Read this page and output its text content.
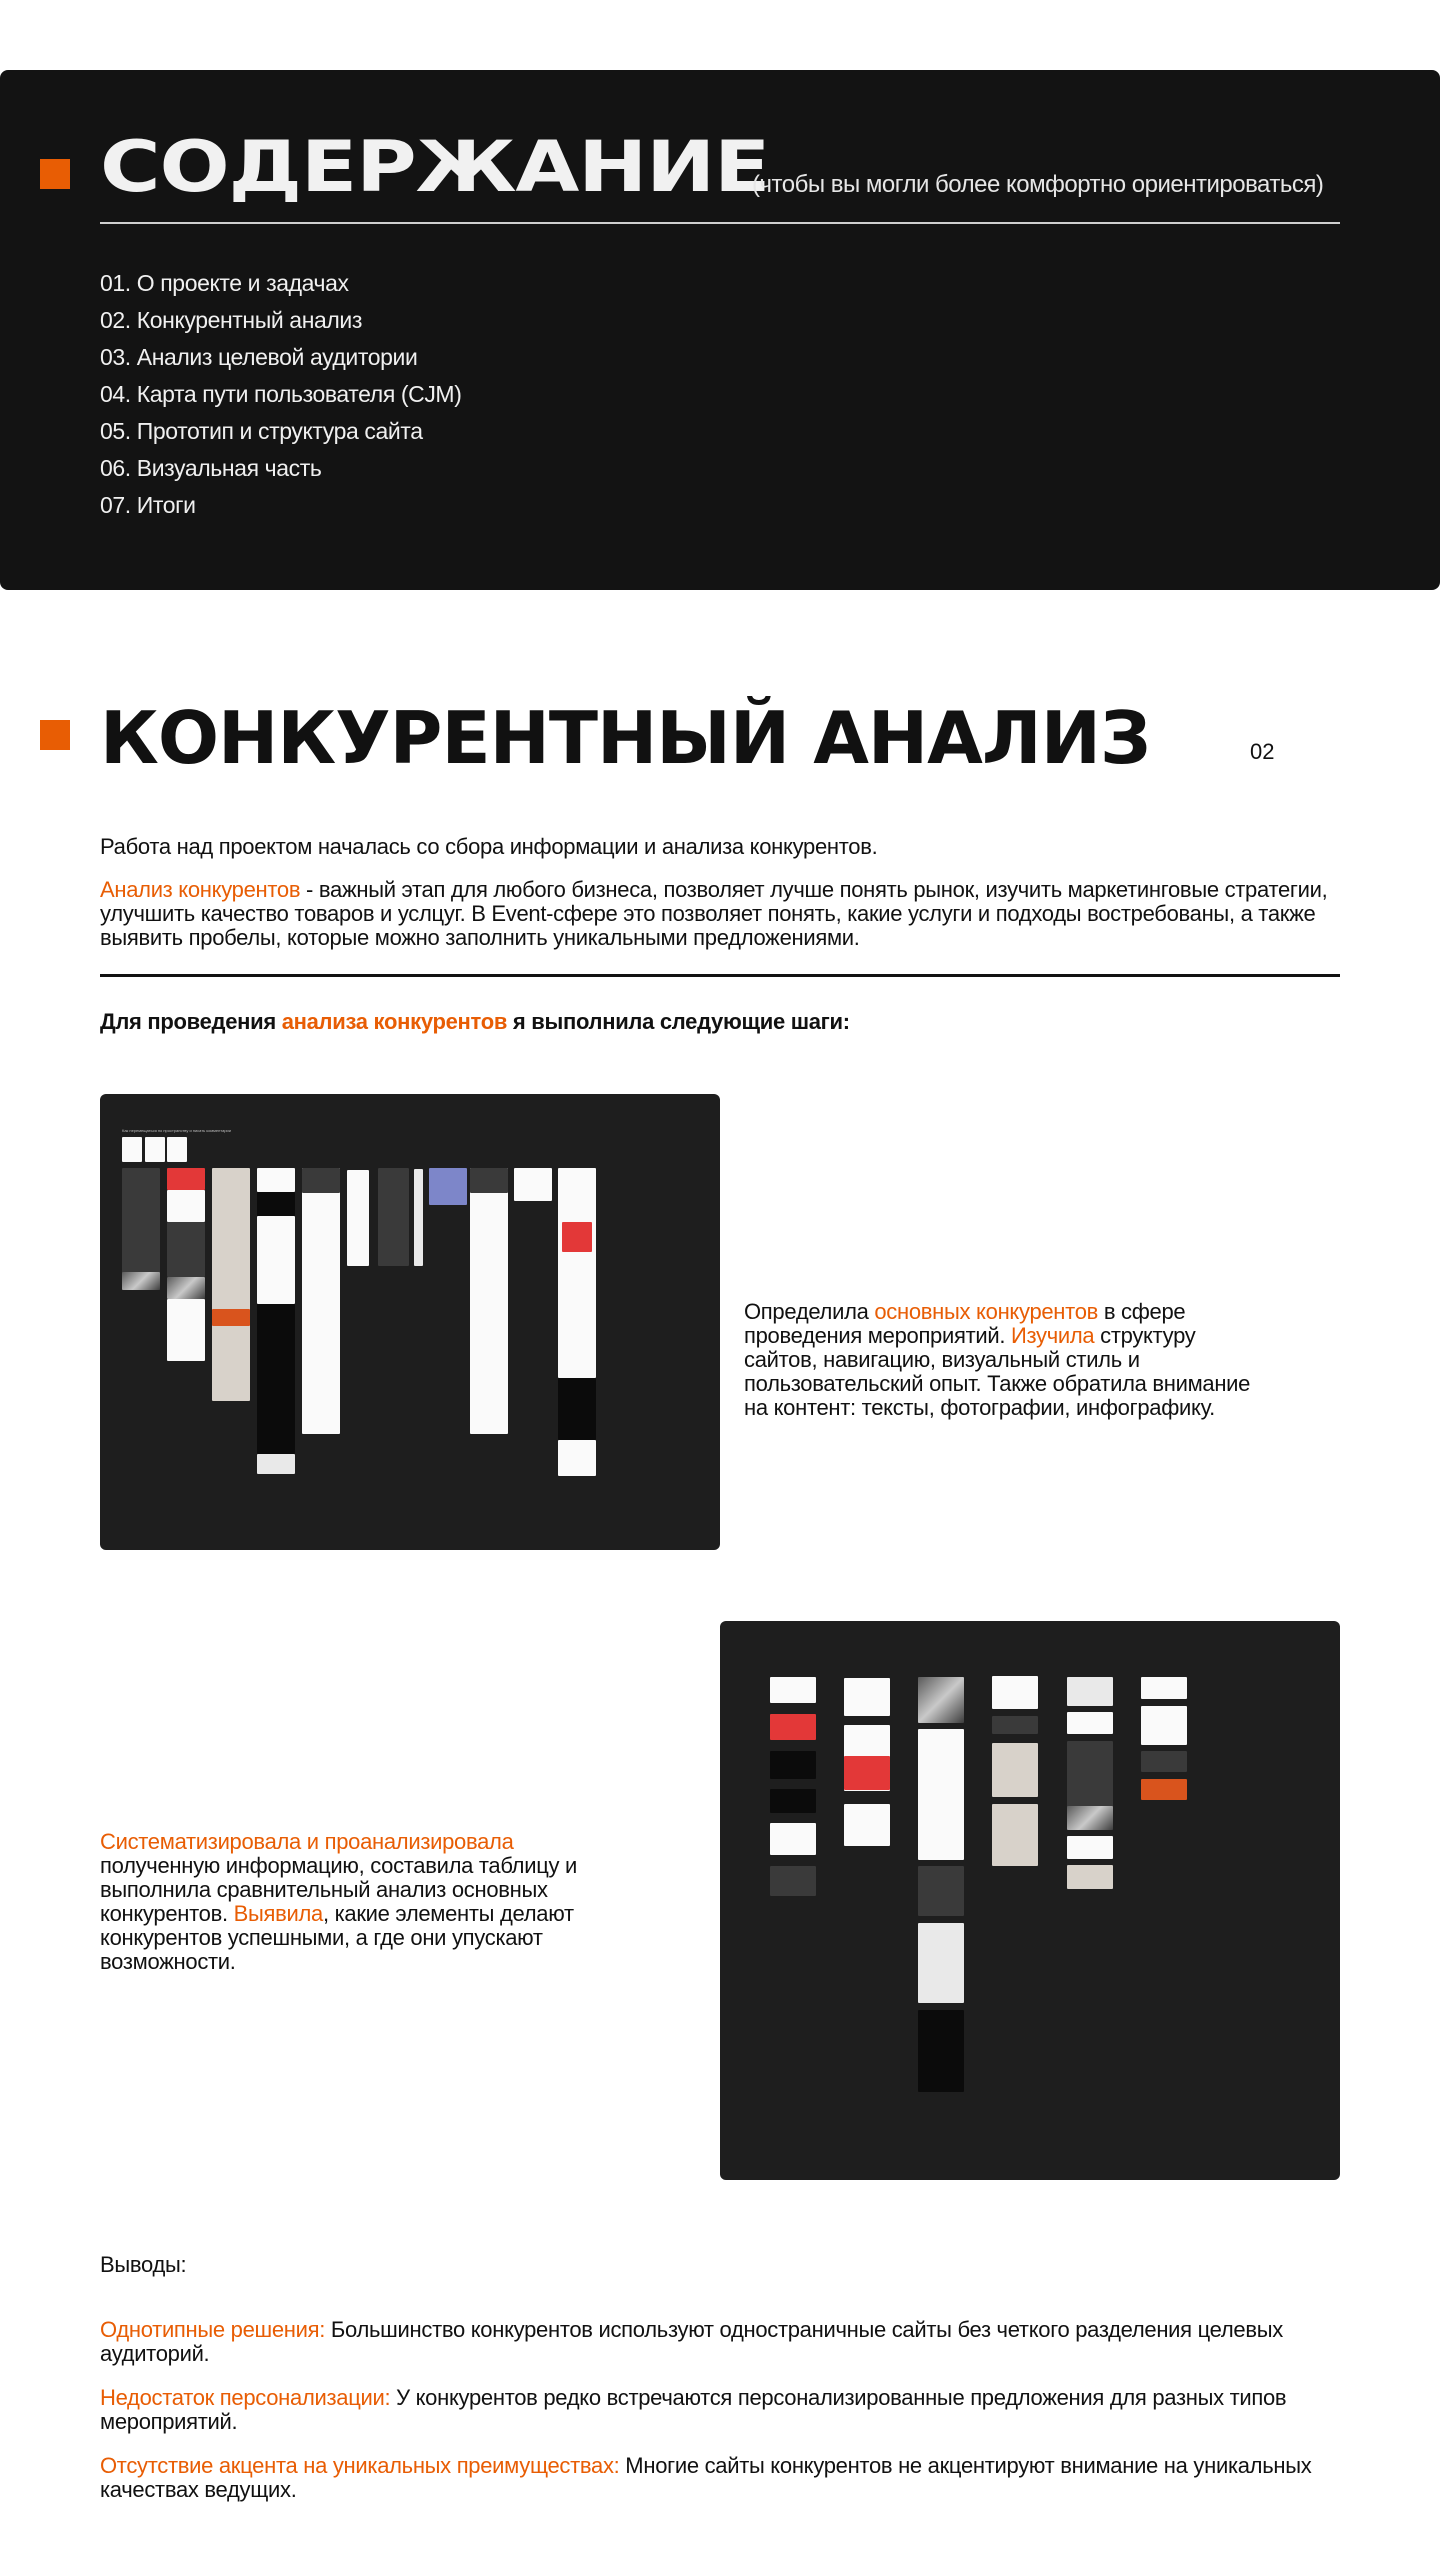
СОДЕРЖАНИЕ
(чтобы вы могли более комфортно ориентироваться)
01. О проекте и задачах
02. Конкурентный анализ
03. Анализ целевой аудитории
04. Карта пути пользователя (CJM)
05. Прототип и структура сайта
06. Визуальная часть
07. Итоги
КОНКУРЕНТНЫЙ АНАЛИЗ	02

Работа над проектом началась со сбора информации и анализа конкурентов.

Анализ конкурентов - важный этап для любого бизнеса, позволяет лучше понять рынок, изучить маркетинговые стратегии, улучшить качество товаров и услцуг. В Event-сфере это позволяет понять, какие услуги и подходы востребованы, а также выявить пробелы, которые можно заполнить уникальными предложениями.

Для проведения анализа конкурентов я выполнила следующие шаги:

Как перемещаться по пространству и писать комментарии

Определила основных конкурентов в сфере проведения мероприятий. Изучила структуру сайтов, навигацию, визуальный стиль и пользовательский опыт. Также обратила внимание на контент: тексты, фотографии, инфографику.

Систематизировала и проанализировала полученную информацию, составила таблицу и выполнила сравнительный анализ основных конкурентов. Выявила, какие элементы делают конкурентов успешными, а где они упускают возможности.

Выводы:

Однотипные решения: Большинство конкурентов используют одностраничные сайты без четкого разделения целевых аудиторий.

Недостаток персонализации: У конкурентов редко встречаются персонализированные предложения для разных типов мероприятий.

Отсутствие акцента на уникальных преимуществах: Многие сайты конкурентов не акцентируют внимание на уникальных качествах ведущих.
